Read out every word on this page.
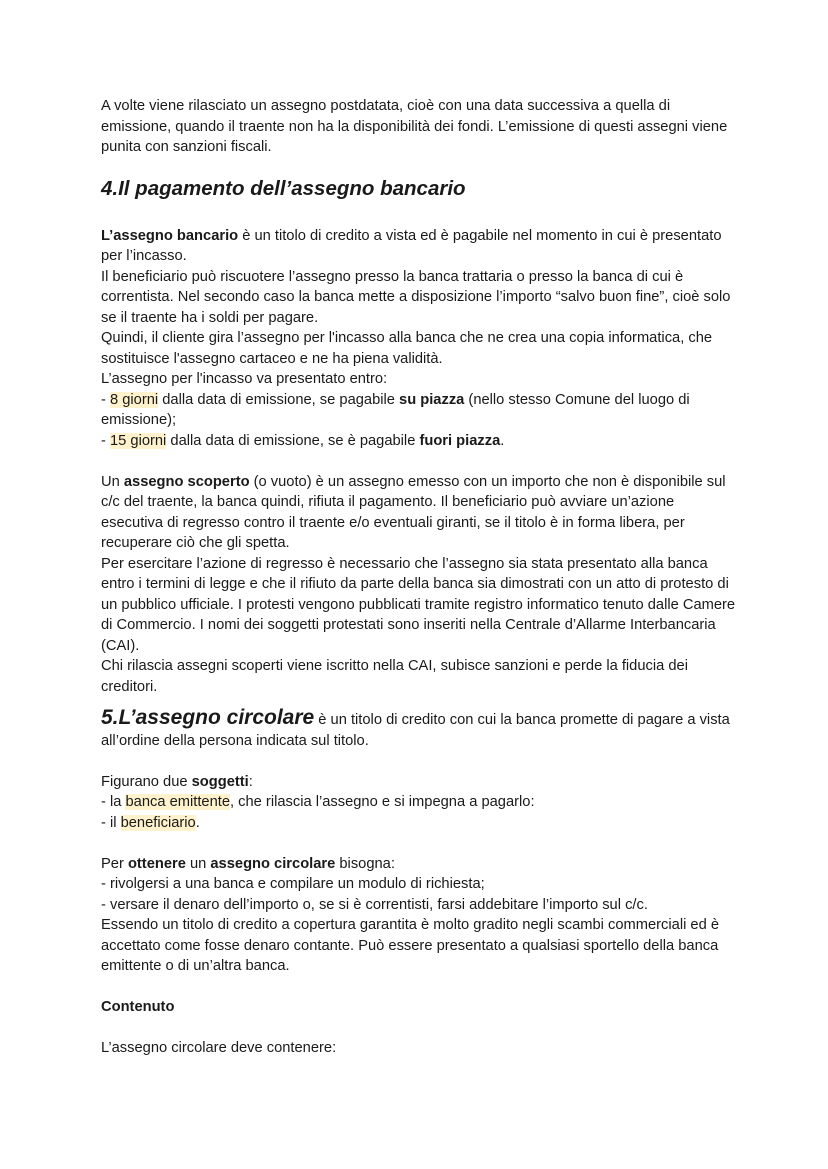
A volte viene rilasciato un assegno postdatata, cioè con una data successiva a quella di emissione, quando il traente non ha la disponibilità dei fondi. L’emissione di questi assegni viene punita con sanzioni fiscali.

4.Il pagamento dell’assegno bancario

L’assegno bancario è un titolo di credito a vista ed è pagabile nel momento in cui è presentato per l’incasso.

Il beneficiario può riscuotere l’assegno presso la banca trattaria o presso la banca di cui è correntista. Nel secondo caso la banca mette a disposizione l’importo “salvo buon fine”, cioè solo se il traente ha i soldi per pagare.

Quindi, il cliente gira l’assegno per l'incasso alla banca che ne crea una copia informatica, che sostituisce l'assegno cartaceo e ne ha piena validità.

L’assegno per l'incasso va presentato entro:

- 8 giorni dalla data di emissione, se pagabile su piazza (nello stesso Comune del luogo di emissione);

- 15 giorni dalla data di emissione, se è pagabile fuori piazza.

Un assegno scoperto (o vuoto) è un assegno emesso con un importo che non è disponibile sul c/c del traente, la banca quindi, rifiuta il pagamento. Il beneficiario può avviare un’azione esecutiva di regresso contro il traente e/o eventuali giranti, se il titolo è in forma libera, per recuperare ciò che gli spetta.

Per esercitare l’azione di regresso è necessario che l’assegno sia stata presentato alla banca entro i termini di legge e che il rifiuto da parte della banca sia dimostrati con un atto di protesto di un pubblico ufficiale. I protesti vengono pubblicati tramite registro informatico tenuto dalle Camere di Commercio. I nomi dei soggetti protestati sono inseriti nella Centrale d’Allarme Interbancaria (CAI).

Chi rilascia assegni scoperti viene iscritto nella CAI, subisce sanzioni e perde la fiducia dei creditori.

5.L’assegno circolare è un titolo di credito con cui la banca promette di pagare a vista all’ordine della persona indicata sul titolo.

Figurano due soggetti:

- la banca emittente, che rilascia l’assegno e si impegna a pagarlo:

- il beneficiario.

Per ottenere un assegno circolare bisogna:

- rivolgersi a una banca e compilare un modulo di richiesta;

- versare il denaro dell’importo o, se si è correntisti, farsi addebitare l’importo sul c/c.

Essendo un titolo di credito a copertura garantita è molto gradito negli scambi commerciali ed è accettato come fosse denaro contante. Può essere presentato a qualsiasi sportello della banca emittente o di un’altra banca.

Contenuto

L’assegno circolare deve contenere:
